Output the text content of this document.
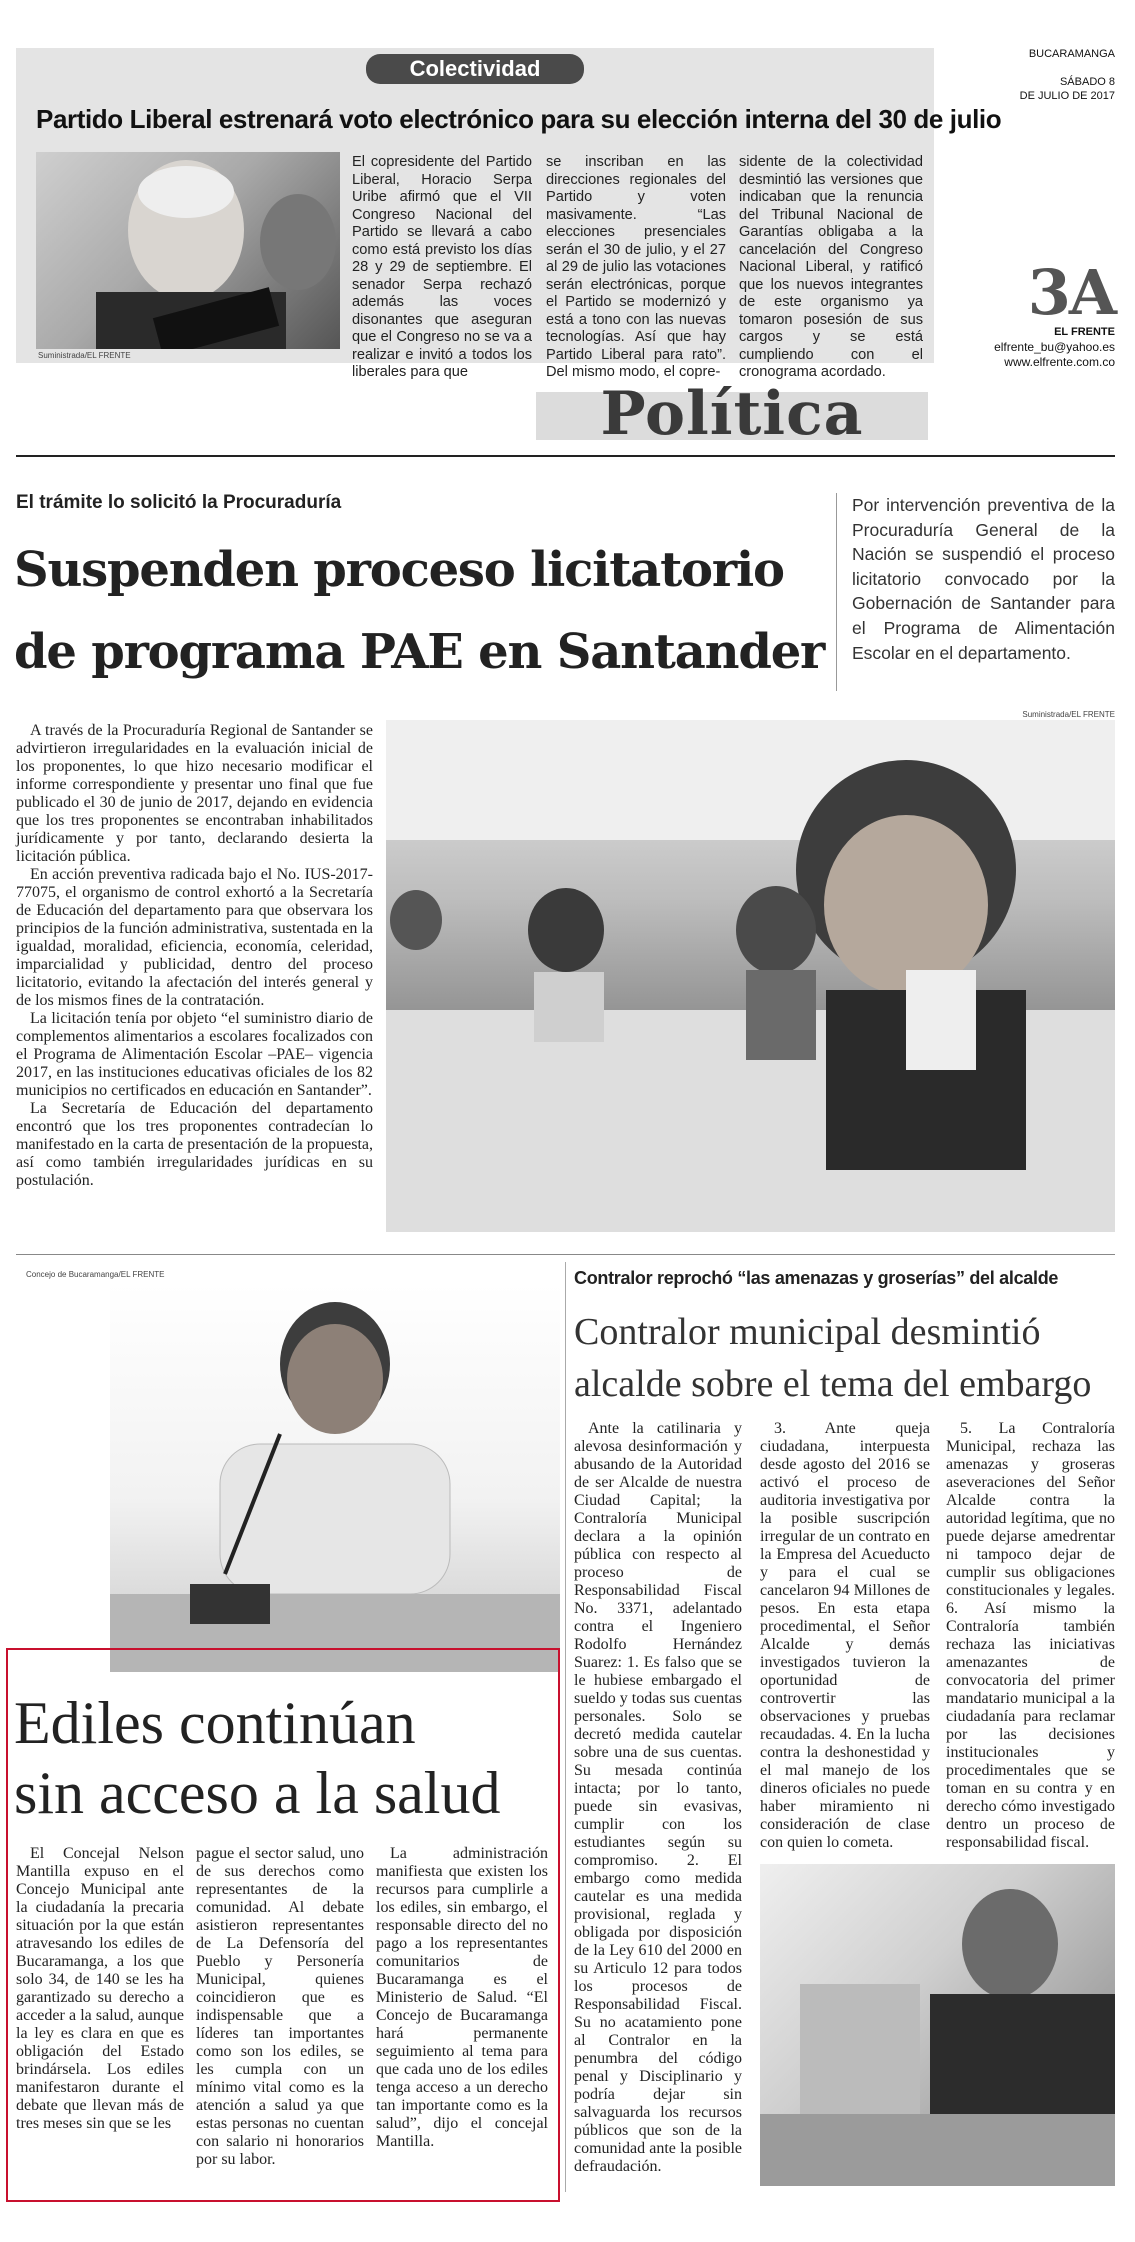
Colectividad
Partido Liberal estrenará voto electrónico para su elección interna del 30 de julio
Suministrada/EL FRENTE
El copresidente del Partido Liberal, Horacio Serpa Uribe afirmó que el VII Congreso Nacional del Partido se llevará a cabo como está previsto los días 28 y 29 de septiembre. El senador Serpa rechazó además las voces disonantes que aseguran que el Congreso no se va a realizar e invitó a todos los liberales para que
se inscriban en las direcciones regionales del Partido y voten masivamente. “Las elecciones presenciales serán el 30 de julio, y el 27 al 29 de julio las votaciones serán electrónicas, porque el Partido se modernizó y está a tono con las nuevas tecnologías. Así que hay Partido Liberal para rato”. Del mismo modo, el copre-
sidente de la colectividad desmintió las versiones que indicaban que la renuncia del Tribunal Nacional de Garantías obligaba a la cancelación del Congreso Nacional Liberal, y ratificó que los nuevos integrantes de este organismo ya tomaron posesión de sus cargos y se está cumpliendo con el cronograma acordado.
BUCARAMANGA
SÁBADO 8
DE JULIO DE 2017
3A
EL FRENTE
elfrente_bu@yahoo.es
www.elfrente.com.co
Política
El trámite lo solicitó la Procuraduría
Suspenden proceso licitatorio
de programa PAE en Santander
Por intervención preventiva de la Procuraduría General de la Nación se suspendió el proceso licitatorio convocado por la Gobernación de Santander para el Programa de Alimentación Escolar en el departamento.
Suministrada/EL FRENTE

A través de la Procuraduría Regional de Santander se advirtieron irregularidades en la evaluación inicial de los proponentes, lo que hizo necesario modificar el informe correspondiente y presentar uno final que fue publicado el 30 de junio de 2017, dejando en evidencia que los tres proponentes se encontraban inhabilitados jurídicamente y por tanto, declarando desierta la licitación pública.

En acción preventiva radicada bajo el No. IUS-2017-77075, el organismo de control exhortó a la Secretaría de Educación del departamento para que observara los principios de la función administrativa, sustentada en la igualdad, moralidad, eficiencia, economía, celeridad, imparcialidad y publicidad, dentro del proceso licitatorio, evitando la afectación del interés general y de los mismos fines de la contratación.

La licitación tenía por objeto “el suministro diario de complementos alimentarios a escolares focalizados con el Programa de Alimentación Escolar –PAE– vigencia 2017, en las instituciones educativas oficiales de los 82 municipios no certificados en educación en Santander”.

La Secretaría de Educación del departamento encontró que los tres proponentes contradecían lo manifestado en la carta de presentación de la propuesta, así como también irregularidades jurídicas en su postulación.

Concejo de Bucaramanga/EL FRENTE
Ediles continúan
sin acceso a la salud
El Concejal Nelson Mantilla expuso en el Concejo Municipal ante la ciudadanía la precaria situación por la que están atravesando los ediles de Bucaramanga, a los que solo 34, de 140 se les ha garantizado su derecho a acceder a la salud, aunque la ley es clara en que es obligación del Estado brindársela. Los ediles manifestaron durante el debate que llevan más de tres meses sin que se les
pague el sector salud, uno de sus derechos como representantes de la comunidad. Al debate asistieron representantes de La Defensoría del Pueblo y Personería Municipal, quienes coincidieron que es indispensable que a líderes tan importantes como son los ediles, se les cumpla con un mínimo vital como es la atención a salud ya que estas personas no cuentan con salario ni honorarios por su labor.
La administración manifiesta que existen los recursos para cumplirle a los ediles, sin embargo, el responsable directo del no pago a los representantes comunitarios de Bucaramanga es el Ministerio de Salud. “El Concejo de Bucaramanga hará permanente seguimiento al tema para que cada uno de los ediles tenga acceso a un derecho tan importante como es la salud”, dijo el concejal Mantilla.
Contralor reprochó “las amenazas y groserías” del alcalde
Contralor municipal desmintió
alcalde sobre el tema del embargo
Ante la catilinaria y alevosa desinformación y abusando de la Autoridad de ser Alcalde de nuestra Ciudad Capital; la Contraloría Municipal declara a la opinión pública con respecto al proceso de Responsabilidad Fiscal No. 3371, adelantado contra el Ingeniero Rodolfo Hernández Suarez: 1. Es falso que se le hubiese embargado el sueldo y todas sus cuentas personales. Solo se decretó medida cautelar sobre una de sus cuentas. Su mesada continúa intacta; por lo tanto, puede sin evasivas, cumplir con los estudiantes según su compromiso. 2. El embargo como medida cautelar es una medida provisional, reglada y obligada por disposición de la Ley 610 del 2000 en su Articulo 12 para todos los procesos de Responsabilidad Fiscal. Su no acatamiento pone al Contralor en la penumbra del código penal y Disciplinario y podría dejar sin salvaguarda los recursos públicos que son de la comunidad ante la posible defraudación.
3. Ante queja ciudadana, interpuesta desde agosto del 2016 se activó el proceso de auditoria investigativa por la posible suscripción irregular de un contrato en la Empresa del Acueducto y para el cual se cancelaron 94 Millones de pesos. En esta etapa procedimental, el Señor Alcalde y demás investigados tuvieron la oportunidad de controvertir las observaciones y pruebas recaudadas. 4. En la lucha contra la deshonestidad y el mal manejo de los dineros oficiales no puede haber miramiento ni consideración de clase con quien lo cometa.
5. La Contraloría Municipal, rechaza las amenazas y groseras aseveraciones del Señor Alcalde contra la autoridad legítima, que no puede dejarse amedrentar ni tampoco dejar de cumplir sus obligaciones constitucionales y legales. 6. Así mismo la Contraloría también rechaza las iniciativas amenazantes de convocatoria del primer mandatario municipal a la ciudadanía para reclamar por las decisiones institucionales y procedimentales que se toman en su contra y en derecho cómo investigado dentro un proceso de responsabilidad fiscal.
